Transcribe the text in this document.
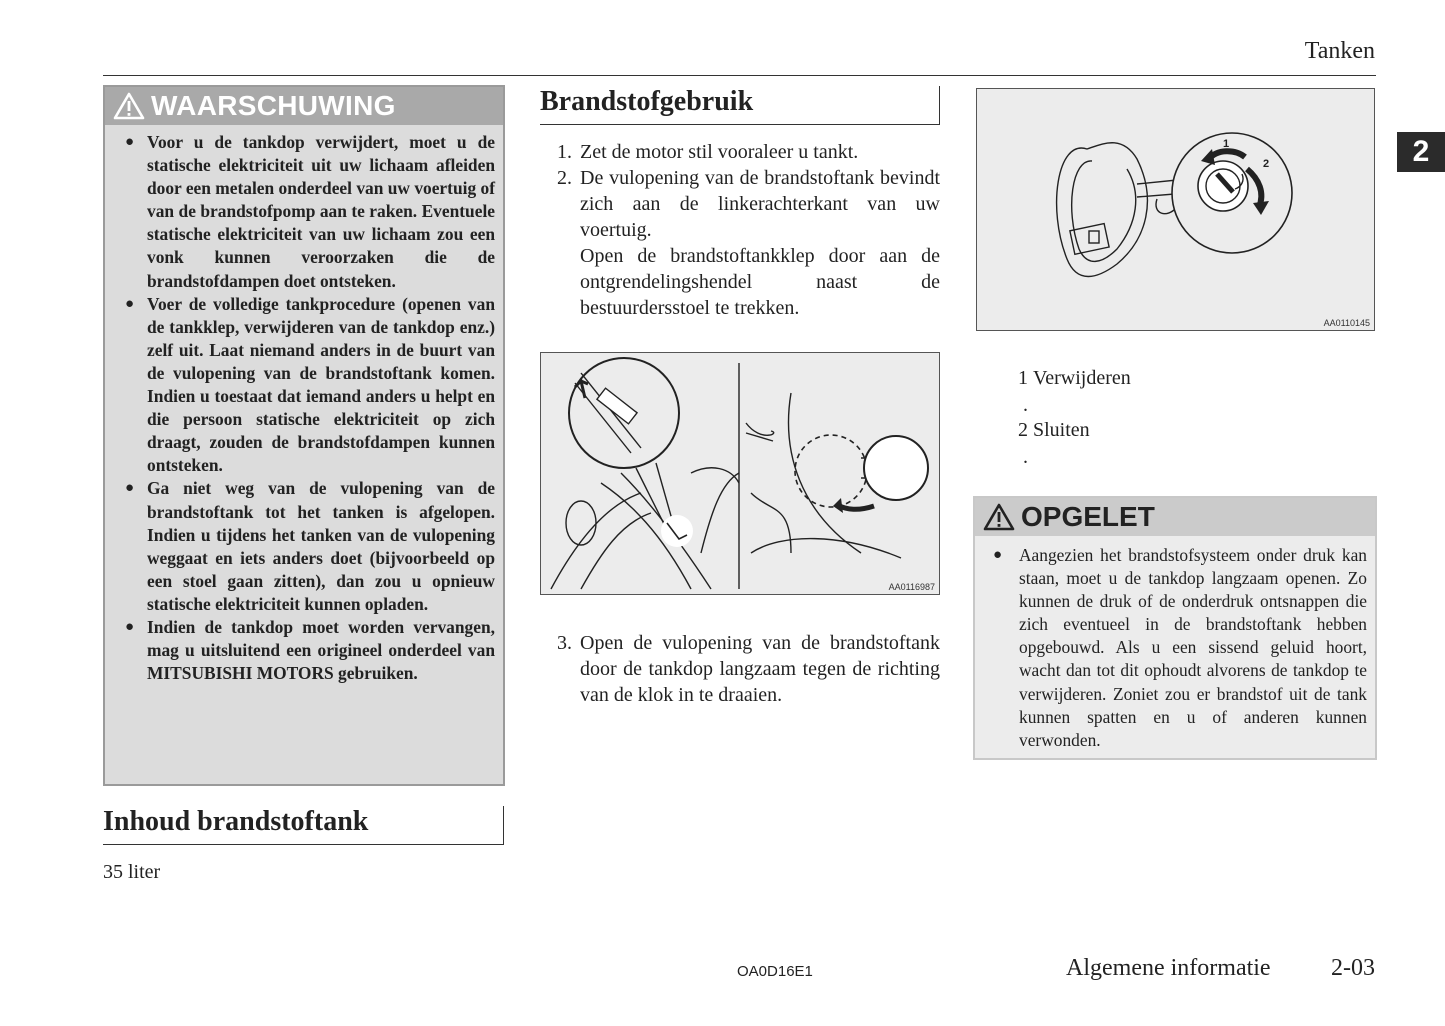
Tanken
2
WAARSCHUWING
● Voor u de tankdop verwijdert, moet u de statische elektriciteit uit uw lichaam afleiden door een metalen onderdeel van uw voertuig of van de brandstofpomp aan te raken. Eventuele statische elektriciteit van uw lichaam zou een vonk kunnen veroorzaken die de brandstofdampen doet ontsteken.
● Voer de volledige tankprocedure (openen van de tankklep, verwijderen van de tankdop enz.) zelf uit. Laat niemand anders in de buurt van de vulopening van de brandstoftank komen. Indien u toestaat dat iemand anders u helpt en die persoon statische elektriciteit op zich draagt, zouden de brandstofdampen kunnen ontsteken.
● Ga niet weg van de vulopening van de brandstoftank tot het tanken is afgelopen. Indien u tijdens het tanken van de vulopening weggaat en iets anders doet (bijvoorbeeld op een stoel gaan zitten), dan zou u opnieuw statische elektriciteit kunnen opladen.
● Indien de tankdop moet worden vervangen, mag u uitsluitend een origineel onderdeel van MITSUBISHI MOTORS gebruiken.
Inhoud brandstoftank
35 liter
Brandstofgebruik
1. Zet de motor stil vooraleer u tankt.
2. De vulopening van de brandstoftank bevindt zich aan de linkerachterkant van uw voertuig.
Open de brandstoftankklep door aan de ontgrendelingshendel naast de bestuurdersstoel te trekken.
AA0116987
3. Open de vulopening van de brandstoftank door de tankdop langzaam tegen de richting van de klok in te draaien.
1
2
AA0110145
1 Verwijderen
.
2 Sluiten
.
OPGELET
● Aangezien het brandstofsysteem onder druk kan staan, moet u de tankdop langzaam openen. Zo kunnen de druk of de onderdruk ontsnappen die zich eventueel in de brandstoftank hebben opgebouwd. Als u een sissend geluid hoort, wacht dan tot dit ophoudt alvorens de tankdop te verwijderen. Zoniet zou er brandstof uit de tank kunnen spatten en u of anderen kunnen verwonden.
OA0D16E1	Algemene informatie	2-03
